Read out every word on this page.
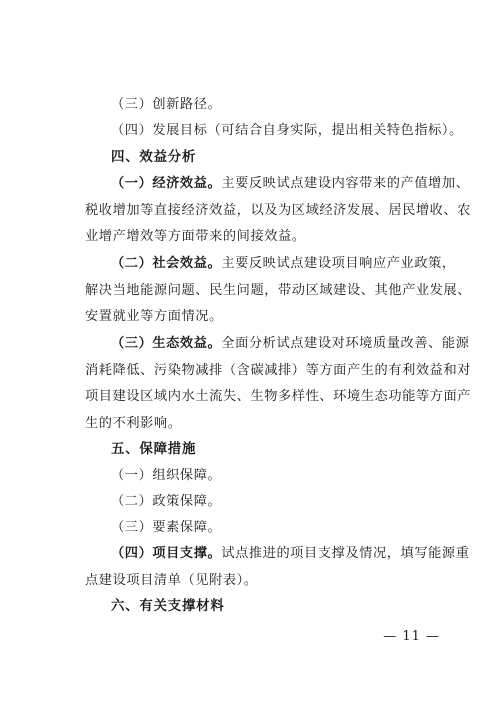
（三）创新路径。

（四）发展目标（可结合自身实际，提出相关特色指标）。

四、效益分析

（一）经济效益。主要反映试点建设内容带来的产值增加、
税收增加等直接经济效益，以及为区域经济发展、居民增收、农
业增产增效等方面带来的间接效益。

（二）社会效益。主要反映试点建设项目响应产业政策，
解决当地能源问题、民生问题，带动区域建设、其他产业发展、
安置就业等方面情况。

（三）生态效益。全面分析试点建设对环境质量改善、能源
消耗降低、污染物减排（含碳减排）等方面产生的有利效益和对
项目建设区域内水土流失、生物多样性、环境生态功能等方面产
生的不利影响。

五、保障措施

（一）组织保障。

（二）政策保障。

（三）要素保障。

（四）项目支撑。试点推进的项目支撑及情况，填写能源重
点建设项目清单（见附表）。

六、有关支撑材料
— 11 —
